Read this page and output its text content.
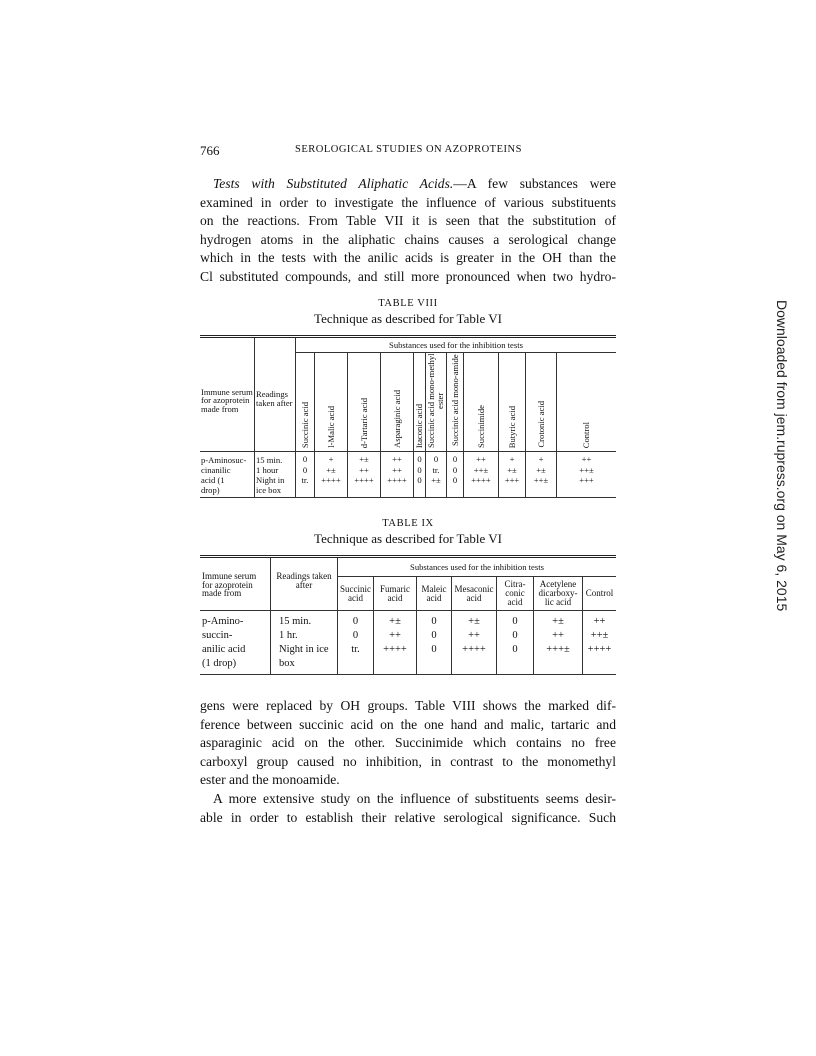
766	SEROLOGICAL STUDIES ON AZOPROTEINS
Tests with Substituted Aliphatic Acids.—A few substances were
examined in order to investigate the influence of various substituents
on the reactions. From Table VII it is seen that the substitution of
hydrogen atoms in the aliphatic chains causes a serological change
which in the tests with the anilic acids is greater in the OH than the
Cl substituted compounds, and still more pronounced when two hydro-
TABLE VIII
Technique as described for Table VI
Immune serum for azoprotein made from	Readings taken after	Substances used for the inhibition tests										

		Succinic acid	l-Malic acid	d-Tartaric acid	Asparaginic acid	Itaconic acid	Succinic acid mono-methyl ester	Succinic acid mono-amide	Succinimide	Butyric acid	Crotonic acid	Control

p-Aminosuc-	15 min.	0	+	+±	++	0	0	0	++	+	+	++
cinanilic	1 hour	0	+±	++	++	0	tr.	0	++±	+±	+±	++±
acid (1
drop)	Night in ice box	tr.	++++	++++	++++	0	+±	0	++++	+++	++±	+++
TABLE IX
Technique as described for Table VI
Immune serum for azoprotein made from	Readings taken after	Substances used for the inhibition tests						
		Succinic acid	Fumaric acid	Maleic acid	Mesaconic acid	Citra-conic acid	Acetylene dicarboxy-lic acid	Control
p-Amino-	15 min.	0	+±	0	+±	0	+±	++
succin-	1 hr.	0	++	0	++	0	++	++±
anilic acid
(1 drop)	Night in ice box	tr.	++++	0	++++	0	+++±	++++
gens were replaced by OH groups. Table VIII shows the marked dif-
ference between succinic acid on the one hand and malic, tartaric and
asparaginic acid on the other. Succinimide which contains no free
carboxyl group caused no inhibition, in contrast to the monomethyl
ester and the monoamide.
A more extensive study on the influence of substituents seems desir-
able in order to establish their relative serological significance. Such
Downloaded from jem.rupress.org on May 6, 2015
